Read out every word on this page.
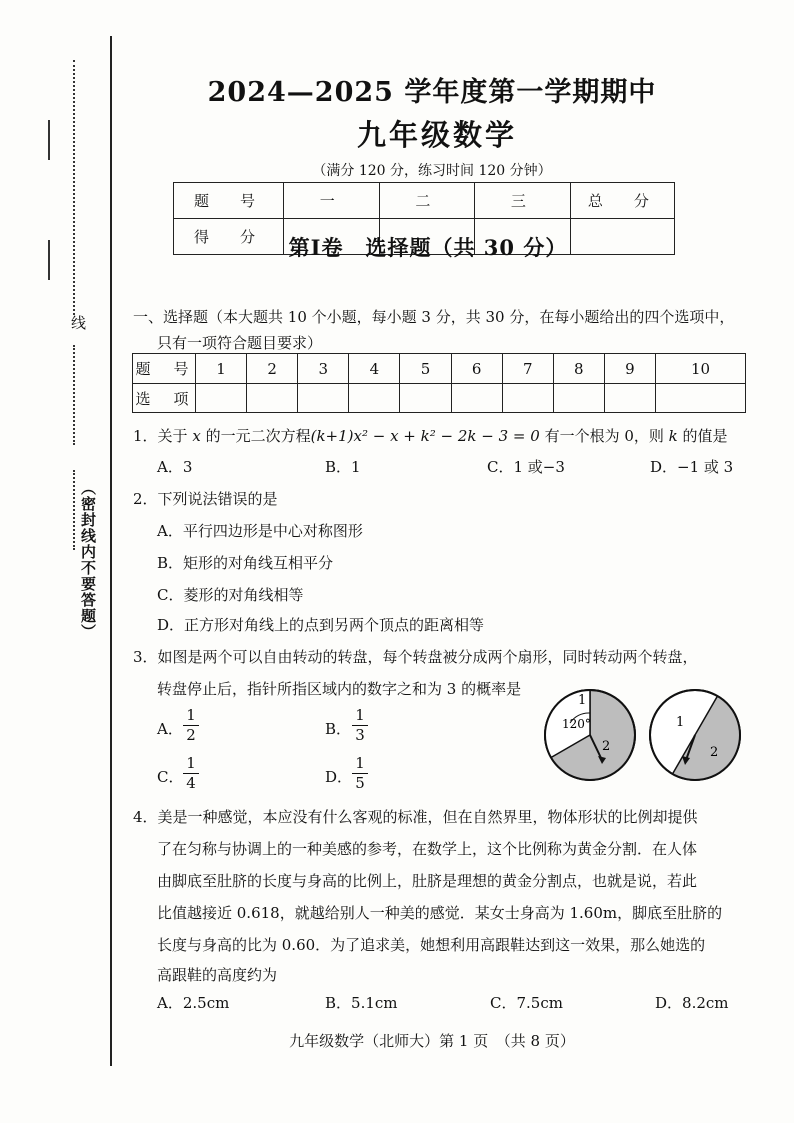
线
（密封线内不要答题）
2024—2025 学年度第一学期期中
九年级数学
（满分 120 分，练习时间 120 分钟）
题　号	一	二	三	总　分
得　分					第Ⅰ卷　选择题（共 30 分）
一、选择题（本大题共 10 个小题，每小题 3 分，共 30 分，在每小题给出的四个选项中，
只有一项符合题目要求）
题　号	1	2	3	4	5	6	7	8	9	10
选　项										
1．关于 x 的一元二次方程(k+1)x² − x + k² − 2k − 3 = 0 有一个根为 0，则 k 的值是
A．3	B．1	C．1 或−3	D．−1 或 3
2．下列说法错误的是
A．平行四边形是中心对称图形
B．矩形的对角线互相平分
C．菱形的对角线相等
D．正方形对角线上的点到另两个顶点的距离相等
3．如图是两个可以自由转动的转盘，每个转盘被分成两个扇形，同时转动两个转盘，
转盘停止后，指针所指区域内的数字之和为 3 的概率是
A． $\frac{1}{2}$	B． $\frac{1}{3}$
C． $\frac{1}{4}$	D． $\frac{1}{5}$
1
120°
2
1
2
4．美是一种感觉，本应没有什么客观的标准，但在自然界里，物体形状的比例却提供
了在匀称与协调上的一种美感的参考，在数学上，这个比例称为黄金分割．在人体
由脚底至肚脐的长度与身高的比例上，肚脐是理想的黄金分割点，也就是说，若此
比值越接近 0.618，就越给别人一种美的感觉．某女士身高为 1.60m，脚底至肚脐的
长度与身高的比为 0.60．为了追求美，她想利用高跟鞋达到这一效果，那么她选的
高跟鞋的高度约为
A．2.5cm	B．5.1cm	C．7.5cm	D．8.2cm
九年级数学（北师大）第 1 页　（共 8 页）
